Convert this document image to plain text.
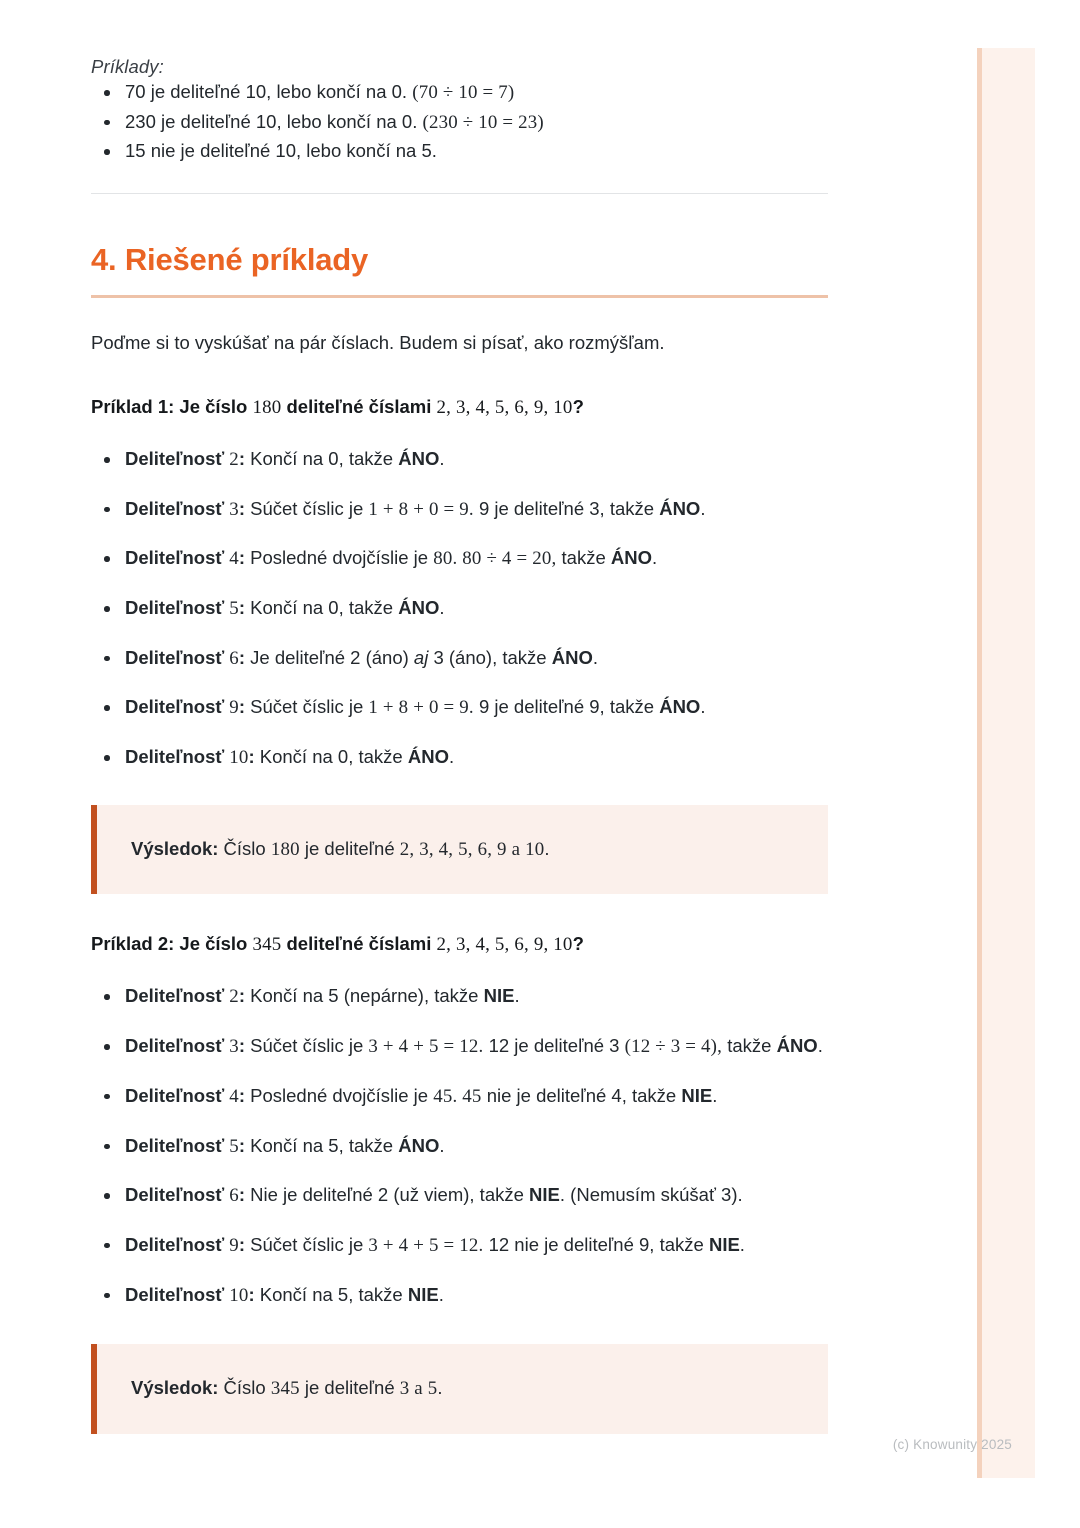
Príklady:

70 je deliteľné 10, lebo končí na 0. (70 ÷ 10 = 7)
230 je deliteľné 10, lebo končí na 0. (230 ÷ 10 = 23)
15 nie je deliteľné 10, lebo končí na 5.
4. Riešené príklady

Poďme si to vyskúšať na pár číslach. Budem si písať, ako rozmýšľam.

Príklad 1: Je číslo 180 deliteľné číslami 2, 3, 4, 5, 6, 9, 10?

Deliteľnosť 2: Končí na 0, takže ÁNO.
Deliteľnosť 3: Súčet číslic je 1 + 8 + 0 = 9. 9 je deliteľné 3, takže ÁNO.
Deliteľnosť 4: Posledné dvojčíslie je 80. 80 ÷ 4 = 20, takže ÁNO.
Deliteľnosť 5: Končí na 0, takže ÁNO.
Deliteľnosť 6: Je deliteľné 2 (áno) aj 3 (áno), takže ÁNO.
Deliteľnosť 9: Súčet číslic je 1 + 8 + 0 = 9. 9 je deliteľné 9, takže ÁNO.
Deliteľnosť 10: Končí na 0, takže ÁNO.
Výsledok: Číslo 180 je deliteľné 2, 3, 4, 5, 6, 9 a 10.

Príklad 2: Je číslo 345 deliteľné číslami 2, 3, 4, 5, 6, 9, 10?

Deliteľnosť 2: Končí na 5 (nepárne), takže NIE.
Deliteľnosť 3: Súčet číslic je 3 + 4 + 5 = 12. 12 je deliteľné 3 (12 ÷ 3 = 4), takže ÁNO.
Deliteľnosť 4: Posledné dvojčíslie je 45. 45 nie je deliteľné 4, takže NIE.
Deliteľnosť 5: Končí na 5, takže ÁNO.
Deliteľnosť 6: Nie je deliteľné 2 (už viem), takže NIE. (Nemusím skúšať 3).
Deliteľnosť 9: Súčet číslic je 3 + 4 + 5 = 12. 12 nie je deliteľné 9, takže NIE.
Deliteľnosť 10: Končí na 5, takže NIE.
Výsledok: Číslo 345 je deliteľné 3 a 5.
(c) Knowunity 2025
